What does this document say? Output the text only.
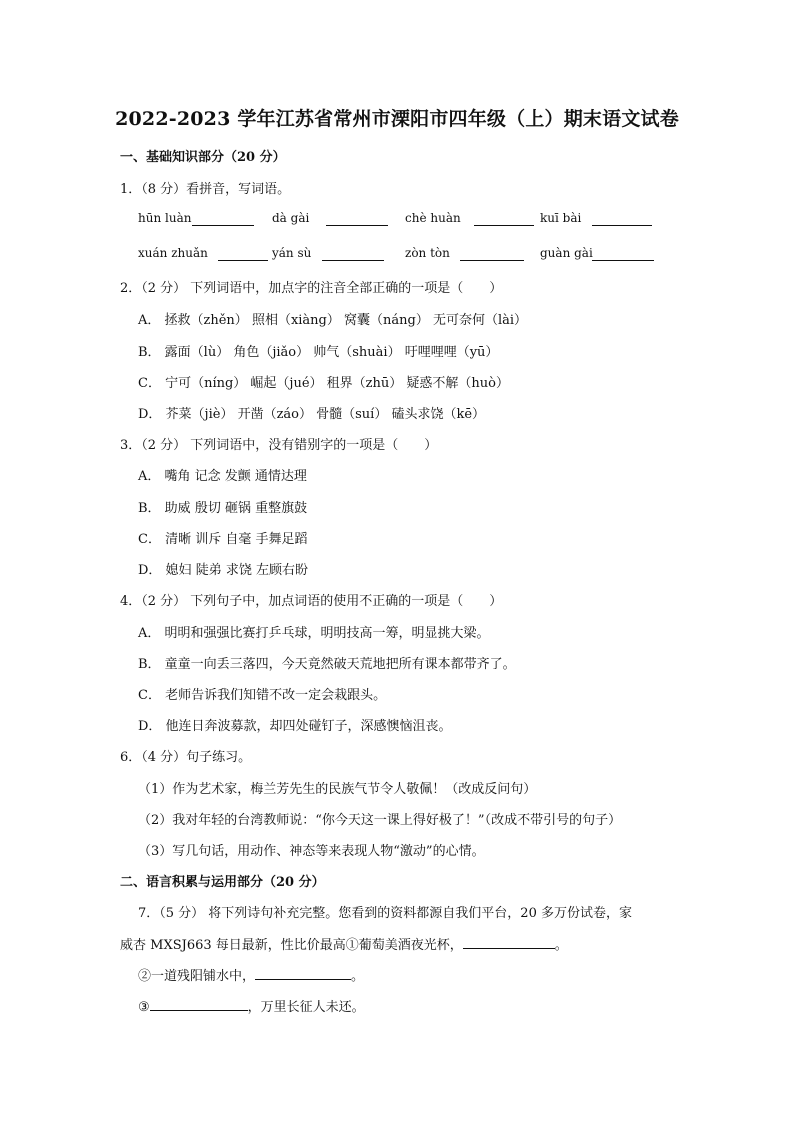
2022-2023 学年江苏省常州市溧阳市四年级（上）期末语文试卷
一、基础知识部分（20 分）
1．（8 分）看拼音，写词语。
hūn luàn	dà gài	chè huàn	kuī bài
xuán zhuǎn	yán sù	zòn tòn	guàn gài
2．（2 分） 下列词语中，加点字的注音全部正确的一项是（　　）
A． 拯救（zhěn） 照相（xiàng） 窝囊（náng） 无可奈何（lài）
B． 露面（lù） 角色（jiǎo） 帅气（shuài） 吁哩哩哩（yū）
C． 宁可（níng） 崛起（jué） 租界（zhū） 疑惑不解（huò）
D． 芥菜（jiè） 开凿（záo） 骨髓（suí） 磕头求饶（kē）
3．（2 分） 下列词语中，没有错别字的一项是（　　）
A． 嘴角 记念 发颤 通情达理
B． 助威 殷切 砸锅 重整旗鼓
C． 清晰 训斥 自毫 手舞足蹈
D． 媳妇 陡弟 求饶 左顾右盼
4．（2 分） 下列句子中，加点词语的使用不正确的一项是（　　）
A． 明明和强强比赛打乒乓球，明明技高一筹，明显挑大梁。
B． 童童一向丢三落四，今天竟然破天荒地把所有课本都带齐了。
C． 老师告诉我们知错不改一定会栽跟头。
D． 他连日奔波募款，却四处碰钉子，深感懊恼沮丧。
6．（4 分）句子练习。
（1）作为艺术家，梅兰芳先生的民族气节令人敬佩！（改成反问句）
（2）我对年轻的台湾教师说：“你今天这一课上得好极了！”（改成不带引号的句子）
（3）写几句话，用动作、神态等来表现人物“激动”的心情。
二、语言积累与运用部分（20 分）
7．（5 分） 将下列诗句补充完整。您看到的资料都源自我们平台，20 多万份试卷，家
威杏 MXSJ663 每日最新，性比价最高①葡萄美酒夜光杯，	。
②一道残阳铺水中，	。
③	，万里长征人未还。
